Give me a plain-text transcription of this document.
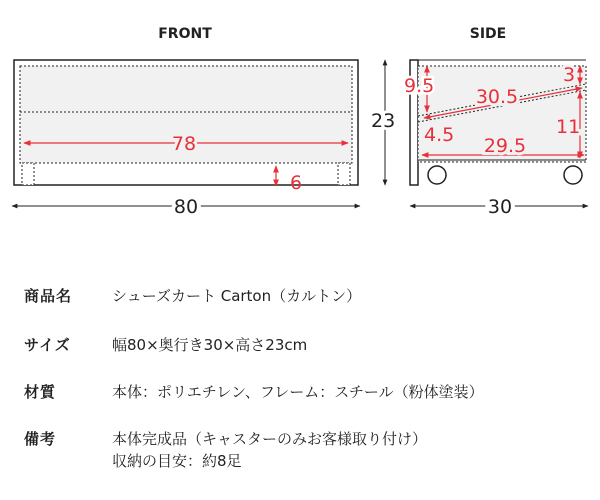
FRONT
78
6
80
23
SIDE
9.5 30.5
3
4.5 29.5
11
30
商品名	シューズカート Carton（カルトン）
サイズ	幅80×奥行き30×高さ23cm
材質	本体：ポリエチレン、フレーム：スチール（粉体塗装）
備考	本体完成品（キャスターのみお客様取り付け）
収納の目安：約8足
